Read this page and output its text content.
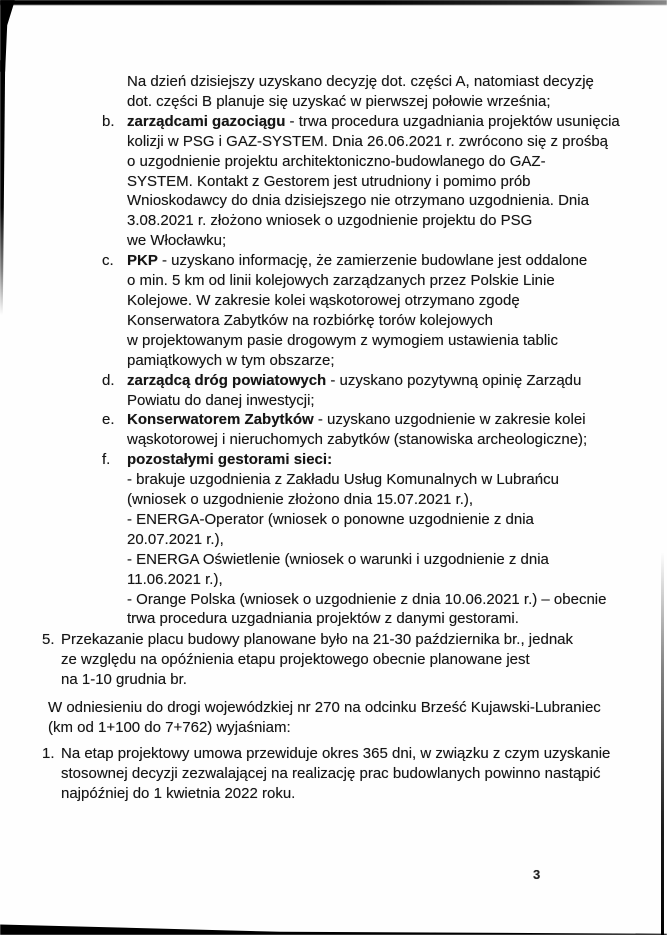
Na dzień dzisiejszy uzyskano decyzję dot. części A, natomiast decyzję
dot. części B planuje się uzyskać w pierwszej połowie września;
b. zarządcami gazociągu - trwa procedura uzgadniania projektów usunięcia
kolizji w PSG i GAZ-SYSTEM. Dnia 26.06.2021 r. zwrócono się z prośbą
o uzgodnienie projektu architektoniczno-budowlanego do GAZ-
SYSTEM. Kontakt z Gestorem jest utrudniony i pomimo prób
Wnioskodawcy do dnia dzisiejszego nie otrzymano uzgodnienia. Dnia
3.08.2021 r. złożono wniosek o uzgodnienie projektu do PSG
we Włocławku;
c. PKP - uzyskano informację, że zamierzenie budowlane jest oddalone
o min. 5 km od linii kolejowych zarządzanych przez Polskie Linie
Kolejowe. W zakresie kolei wąskotorowej otrzymano zgodę
Konserwatora Zabytków na rozbiórkę torów kolejowych
w projektowanym pasie drogowym z wymogiem ustawienia tablic
pamiątkowych w tym obszarze;
d. zarządcą dróg powiatowych - uzyskano pozytywną opinię Zarządu
Powiatu do danej inwestycji;
e. Konserwatorem Zabytków - uzyskano uzgodnienie w zakresie kolei
wąskotorowej i nieruchomych zabytków (stanowiska archeologiczne);
f.	pozostałymi gestorami sieci:
- brakuje uzgodnienia z Zakładu Usług Komunalnych w Lubrańcu
(wniosek o uzgodnienie złożono dnia 15.07.2021 r.),
- ENERGA-Operator (wniosek o ponowne uzgodnienie z dnia
20.07.2021 r.),
- ENERGA Oświetlenie (wniosek o warunki i uzgodnienie z dnia
11.06.2021 r.),
- Orange Polska (wniosek o uzgodnienie z dnia 10.06.2021 r.) – obecnie
trwa procedura uzgadniania projektów z danymi gestorami.
5. Przekazanie placu budowy planowane było na 21-30 października br., jednak
ze względu na opóźnienia etapu projektowego obecnie planowane jest
na 1-10 grudnia br.
W odniesieniu do drogi wojewódzkiej nr 270 na odcinku Brześć Kujawski-Lubraniec
(km od 1+100 do 7+762) wyjaśniam:
1. Na etap projektowy umowa przewiduje okres 365 dni, w związku z czym uzyskanie
stosownej decyzji zezwalającej na realizację prac budowlanych powinno nastąpić
najpóźniej do 1 kwietnia 2022 roku.
3
